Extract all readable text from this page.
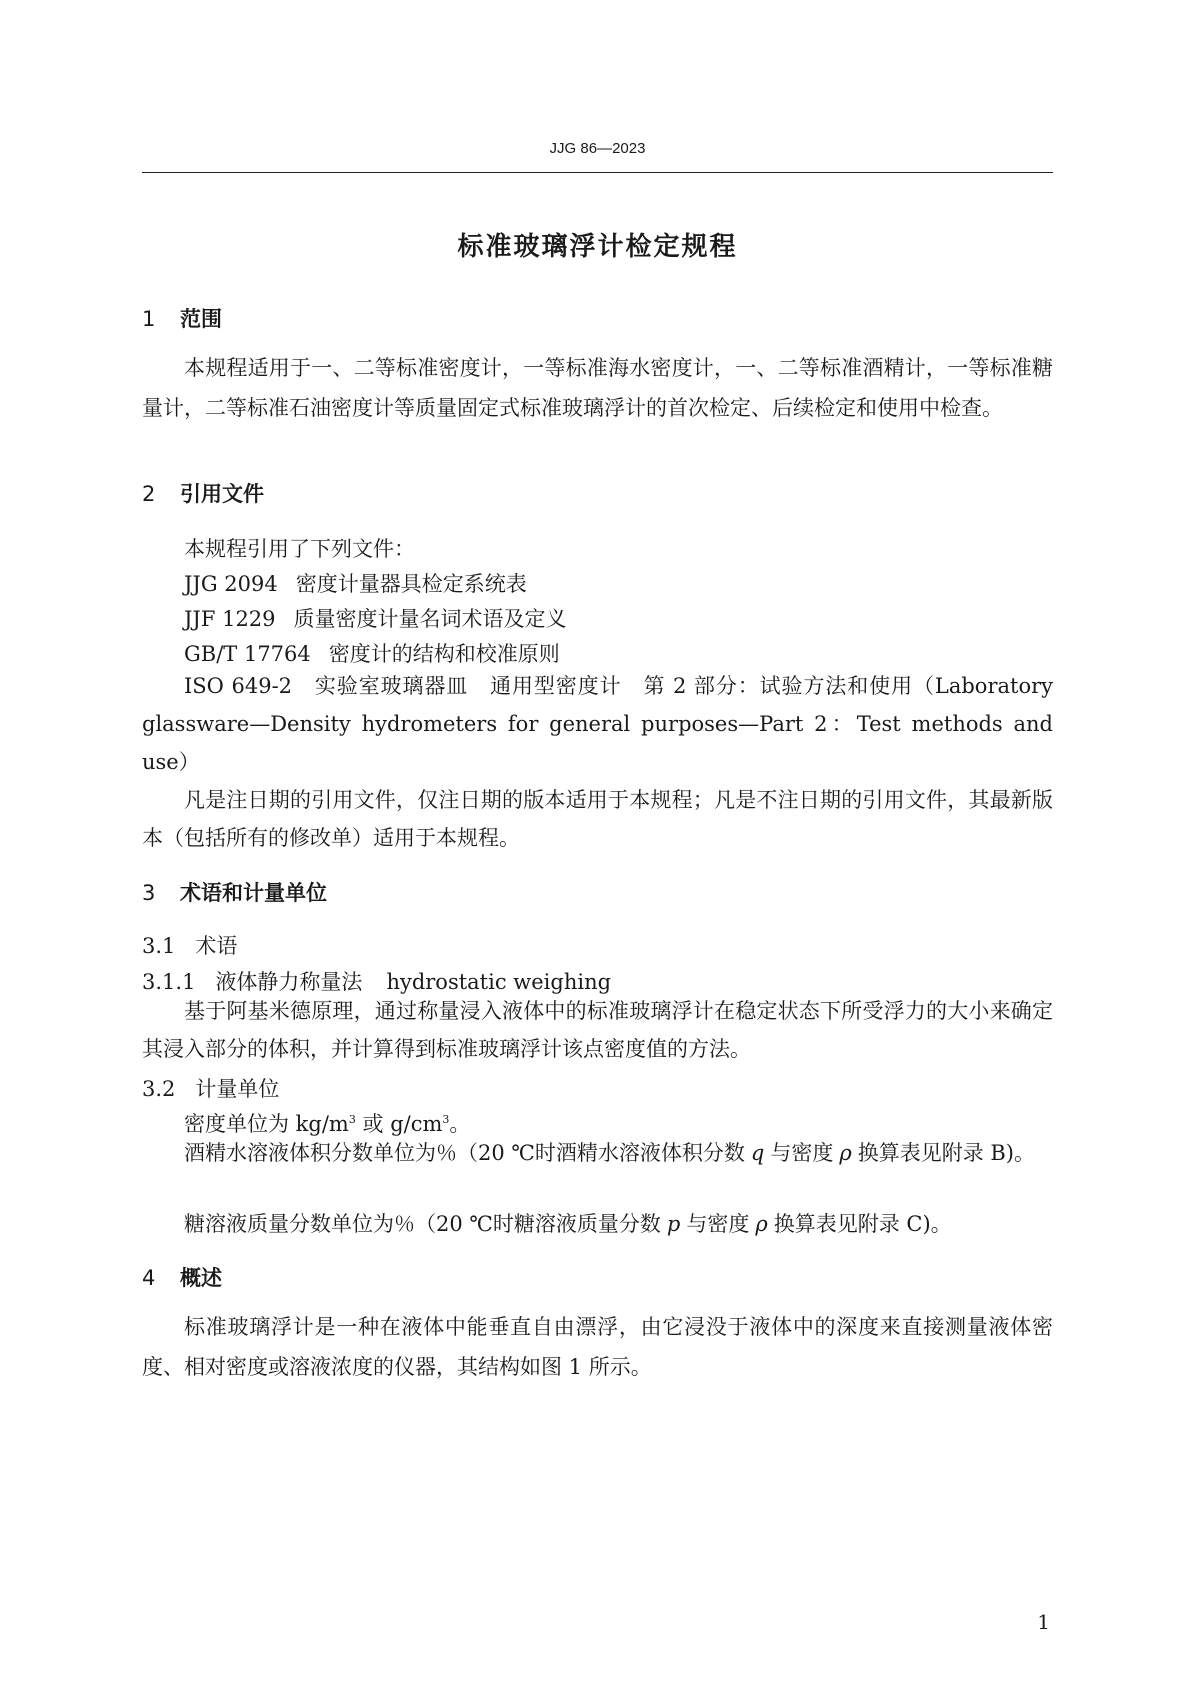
JJG 86—2023
标准玻璃浮计检定规程
1 范围
本规程适用于一、二等标准密度计，一等标准海水密度计，一、二等标准酒精计，一等标准糖量计，二等标准石油密度计等质量固定式标准玻璃浮计的首次检定、后续检定和使用中检查。
2 引用文件
本规程引用了下列文件：
JJG 2094 密度计量器具检定系统表
JJF 1229 质量密度计量名词术语及定义
GB/T 17764 密度计的结构和校准原则
ISO 649-2　实验室玻璃器皿　通用型密度计　第 2 部分：试验方法和使用（Laboratory glassware—Density hydrometers for general purposes—Part 2：Test methods and use）
凡是注日期的引用文件，仅注日期的版本适用于本规程；凡是不注日期的引用文件，其最新版本（包括所有的修改单）适用于本规程。
3 术语和计量单位
3.1 术语
3.1.1 液体静力称量法 hydrostatic weighing
基于阿基米德原理，通过称量浸入液体中的标准玻璃浮计在稳定状态下所受浮力的大小来确定其浸入部分的体积，并计算得到标准玻璃浮计该点密度值的方法。
3.2 计量单位
密度单位为 $kg/m^3$ 或 $g/cm^3$。
酒精水溶液体积分数单位为％（20 ℃时酒精水溶液体积分数 q 与密度 ρ 换算表见附录 B)。
糖溶液质量分数单位为％（20 ℃时糖溶液质量分数 p 与密度 ρ 换算表见附录 C)。
4 概述
标准玻璃浮计是一种在液体中能垂直自由漂浮，由它浸没于液体中的深度来直接测量液体密度、相对密度或溶液浓度的仪器，其结构如图 1 所示。
1
